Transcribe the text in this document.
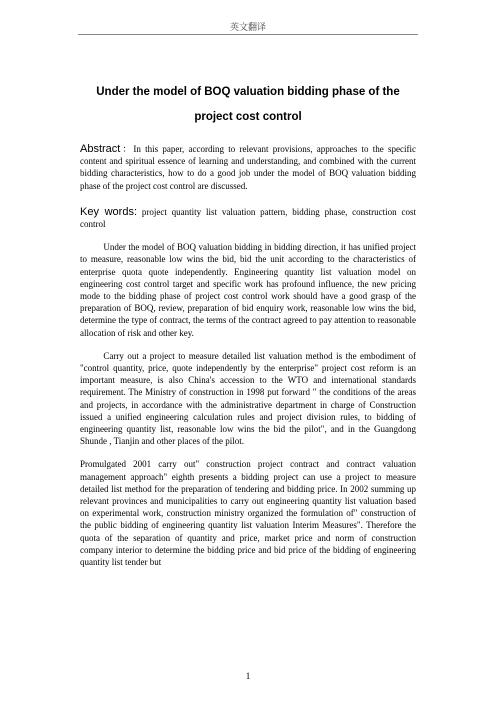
英文翻译
Under the model of BOQ valuation bidding phase of the
project cost control

Abstract：In this paper, according to relevant provisions, approaches to the specific content and spiritual essence of learning and understanding, and combined with the current bidding characteristics, how to do a good job under the model of BOQ valuation bidding phase of the project cost control are discussed.

Key words: project quantity list valuation pattern, bidding phase, construction cost control

Under the model of BOQ valuation bidding in bidding direction, it has unified project to measure, reasonable low wins the bid, bid the unit according to the characteristics of enterprise quota quote independently. Engineering quantity list valuation model on engineering cost control target and specific work has profound influence, the new pricing mode to the bidding phase of project cost control work should have a good grasp of the preparation of BOQ, review, preparation of bid enquiry work, reasonable low wins the bid, determine the type of contract, the terms of the contract agreed to pay attention to reasonable allocation of risk and other key.

Carry out a project to measure detailed list valuation method is the embodiment of "control quantity, price, quote independently by the enterprise" project cost reform is an important measure, is also China's accession to the WTO and international standards requirement. The Ministry of construction in 1998 put forward " the conditions of the areas and projects, in accordance with the administrative department in charge of Construction issued a unified engineering calculation rules and project division rules, to bidding of engineering quantity list, reasonable low wins the bid the pilot", and in the Guangdong Shunde , Tianjin and other places of the pilot.

Promulgated 2001 carry out" construction project contract and contract valuation management approach" eighth presents a bidding project can use a project to measure detailed list method for the preparation of tendering and bidding price. In 2002 summing up relevant provinces and municipalities to carry out engineering quantity list valuation based on experimental work, construction ministry organized the formulation of" construction of the public bidding of engineering quantity list valuation Interim Measures". Therefore the quota of the separation of quantity and price, market price and norm of construction company interior to determine the bidding price and bid price of the bidding of engineering quantity list tender but

1
